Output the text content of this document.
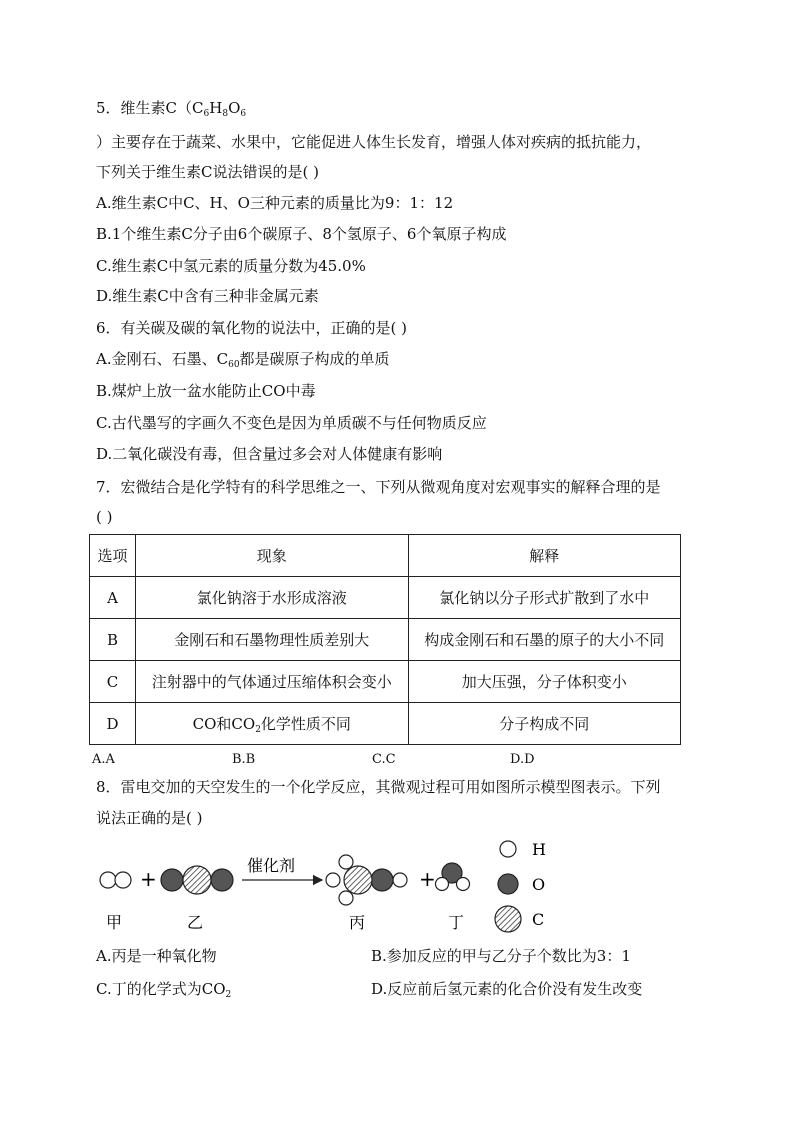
5．维生素$C(C_6H_8O_6$
）主要存在于蔬菜、水果中，它能促进人体生长发育，增强人体对疾病的抵抗能力，
下列关于维生素C说法错误的是( )
A.维生素C中C、H、O三种元素的质量比为9：1：12
B.1个维生素C分子由6个碳原子、8个氢原子、6个氧原子构成
C.维生素C中氢元素的质量分数为45.0%
D.维生素C中含有三种非金属元素
6．有关碳及碳的氧化物的说法中，正确的是( )
A.金刚石、石墨、$C_{60}$都是碳原子构成的单质
B.煤炉上放一盆水能防止CO中毒
C.古代墨写的字画久不变色是因为单质碳不与任何物质反应
D.二氧化碳没有毒，但含量过多会对人体健康有影响
7．宏微结合是化学特有的科学思维之一、下列从微观角度对宏观事实的解释合理的是
( )
选项	现象	解释
A	氯化钠溶于水形成溶液	氯化钠以分子形式扩散到了水中
B	金刚石和石墨物理性质差别大	构成金刚石和石墨的原子的大小不同
C	注射器中的气体通过压缩体积会变小	加大压强，分子体积变小
D	CO和$CO_2$化学性质不同	分子构成不同
A.A	B.B	C.C	D.D
8．雷电交加的天空发生的一个化学反应，其微观过程可用如图所示模型图表示。下列
说法正确的是( )
+
催化剂
+
甲	乙	丙	丁
H
O
C
A.丙是一种氧化物	B.参加反应的甲与乙分子个数比为3：1
C.丁的化学式为$CO_2$	D.反应前后氢元素的化合价没有发生改变
